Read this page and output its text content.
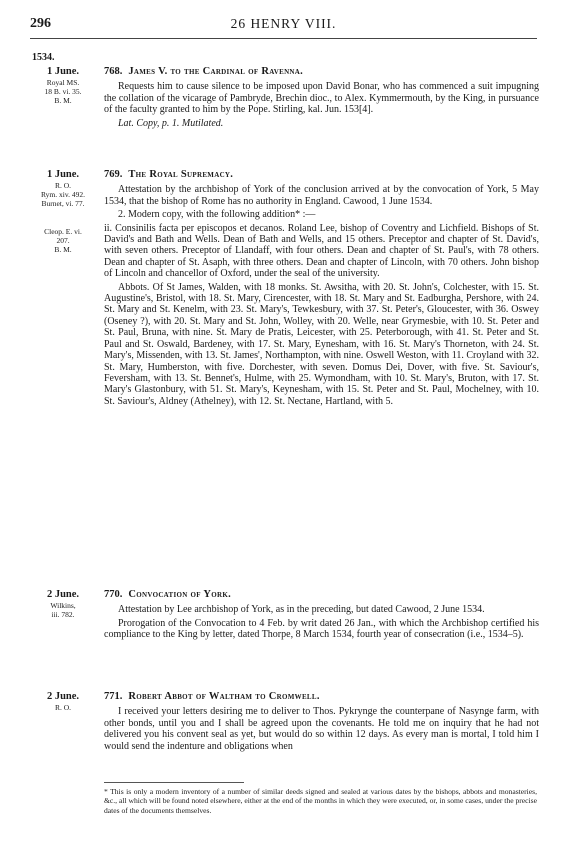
296	26 HENRY VIII.
1534.
1 June.
Royal MS.
18 B. vi. 35.
B. M.
768. James V. to the Cardinal of Ravenna.

Requests him to cause silence to be imposed upon David Bonar, who has commenced a suit impugning the collation of the vicarage of Pambryde, Brechin dioc., to Alex. Kymmermouth, by the King, in pursuance of the faculty granted to him by the Pope. Stirling, kal. Jun. 153[4].

Lat. Copy, p. 1. Mutilated.

1 June.
R. O.
Rym. xiv. 492.
Burnet, vi. 77.
Cleop. E. vi.
207.
B. M.
769. The Royal Supremacy.

Attestation by the archbishop of York of the conclusion arrived at by the convocation of York, 5 May 1534, that the bishop of Rome has no authority in England. Cawood, 1 June 1534.

2. Modern copy, with the following addition* :—

ii. Consinilis facta per episcopos et decanos. Roland Lee, bishop of Coventry and Lichfield. Bishops of St. David's and Bath and Wells. Dean of Bath and Wells, and 15 others. Preceptor and chapter of St. David's, with seven others. Preceptor of Llandaff, with four others. Dean and chapter of St. Paul's, with 78 others. Dean and chapter of St. Asaph, with three others. Dean and chapter of Lincoln, with 70 others. John bishop of Lincoln and chancellor of Oxford, under the seal of the university.

Abbots. Of St James, Walden, with 18 monks. St. Awsitha, with 20. St. John's, Colchester, with 15. St. Augustine's, Bristol, with 18. St. Mary, Cirencester, with 18. St. Mary and St. Eadburgha, Pershore, with 24. St. Mary and St. Kenelm, with 23. St. Mary's, Tewkesbury, with 37. St. Peter's, Gloucester, with 36. Oswey (Oseney ?), with 20. St. Mary and St. John, Wolley, with 20. Welle, near Grymesbie, with 10. St. Peter and St. Paul, Bruna, with nine. St. Mary de Pratis, Leicester, with 25. Peterborough, with 41. St. Peter and St. Paul and St. Oswald, Bardeney, with 17. St. Mary, Eynesham, with 16. St. Mary's Thorneton, with 24. St. Mary's, Missenden, with 13. St. James', Northampton, with nine. Oswell Weston, with 11. Croyland with 32. St. Mary, Humberston, with five. Dorchester, with seven. Domus Dei, Dover, with five. St. Saviour's, Feversham, with 13. St. Bennet's, Hulme, with 25. Wymondham, with 10. St. Mary's, Bruton, with 17. St. Mary's Glastonbury, with 51. St. Mary's, Keynesham, with 15. St. Peter and St. Paul, Mochelney, with 10. St. Saviour's, Aldney (Athelney), with 12. St. Nectane, Hartland, with 5.

2 June.
Wilkins,
iii. 782.
770. Convocation of York.

Attestation by Lee archbishop of York, as in the preceding, but dated Cawood, 2 June 1534.

Prorogation of the Convocation to 4 Feb. by writ dated 26 Jan., with which the Archbishop certified his compliance to the King by letter, dated Thorpe, 8 March 1534, fourth year of consecration (i.e., 1534–5).

2 June.
R. O.
771. Robert Abbot of Waltham to Cromwell.

I received your letters desiring me to deliver to Thos. Pykrynge the counterpane of Nasynge farm, with other bonds, until you and I shall be agreed upon the covenants. He told me on inquiry that he had not delivered you his convent seal as yet, but would do so within 12 days. As every man is mortal, I told him I would send the indenture and obligations when

* This is only a modern inventory of a number of similar deeds signed and sealed at various dates by the bishops, abbots and monasteries, &c., all which will be found noted elsewhere, either at the end of the months in which they were executed, or, in some cases, under the precise dates of the documents themselves.
